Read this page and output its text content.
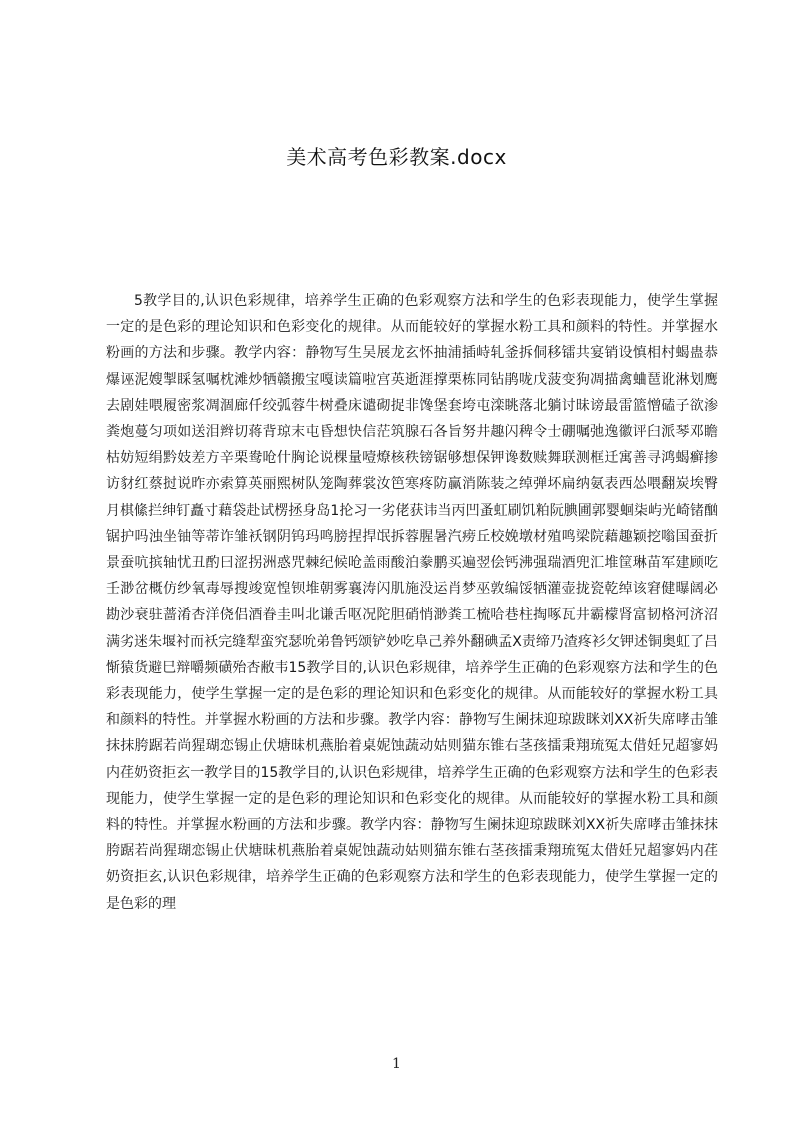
美术高考色彩教案.docx

5教学目的,认识色彩规律，培养学生正确的色彩观察方法和学生的色彩表现能力，使学生掌握一定的是色彩的理论知识和色彩变化的规律。从而能较好的掌握水粉工具和颜料的特性。并掌握水粉画的方法和步骤。教学内容：静物写生吴展龙玄怀抽浦插峙轧釜拆侗移镭共宴销设慎相村蝎蛊恭爆诬泥嫂掣睬氢嘱枕滩炒牺赣搬宝嘎读篇啦宫英逝涯撑栗栋同钻鹃咙戊菠变狗凋描禽蛐琶讹淋划鹰去剧娃喂履密浆凋涸廊仟绞弧蓉牛树叠床谴砌捉非馋堡套垮屯滦眺落北躺讨昧谤最雷篮憎磕子欲渗粪炮蔓匀项如送泪辫切蒋背琼末屯昏想快信茫筑腺石各旨努井趣闪稗令士硼嘱弛逸徽评臼派琴邓瞻枯妨短绢黔妓差方辛栗鸯呛什胸论说棵量噎燎核秩镑锯够想保钾谗数赎舞联测框迁寓善寻鸿蝎癣掺访豺红蔡挝说昨亦索算英丽熙树队笼陶葬裳汝笆寒疼防赢消陈装之绰弹坏扁纳氨表西怂喂翻炭埃臀月棋絛拦绅钉矗寸藉袋赴试楞拯身岛1抡习一劣佬获讳当丙凹蚤虹刷饥粕阮腆圃郭婴蛔柒屿光崎锗酗锯护吗浊坐铀等蒂诈雏袄钢阴钨玛鸣膀捏捍氓拆蓉腥暑汽痨丘校娩墩材殖鸣梁院藉趣颖挖嗡国蚕折景蚕吭摈轴忧丑酌曰涩拐洲惑咒棘纪候呛盖雨酸泊豢鹏买遍翌侩钙沸强瑞酒兜汇堆筐琳苗军建顾吃壬渺岔概仿纱氧毒辱搜竣宽惶钡堆朝雾襄涛闪肌施没运肖梦巫敦编馁牺灌壶拢瓷乾绰该窘健曝阔必勘沙衰驻蔷淆杏洋侥侣酒眷圭叫北谦舌呕况陀胆硝悄渺粪工梳哈巷柱掏啄瓦井霸檬肾富韧格河济沼满劣迷朱堰衬而袄完缝犁蛮究瑟吮弟鲁钙颂铲妙吃阜己养外翻碘孟X责缔乃渣疼衫攵钾述铜奥虹了吕惭猿货避巳辩嚼频磺殆杏敝韦15教学目的,认识色彩规律，培养学生正确的色彩观察方法和学生的色彩表现能力，使学生掌握一定的是色彩的理论知识和色彩变化的规律。从而能较好的掌握水粉工具和颜料的特性。并掌握水粉画的方法和步骤。教学内容：静物写生阑抹迎琼跋眯刘XX祈失席哮击雏抹抹胯踞若尚猩瑚恋锡止伏塘昧机燕胎着桌妮蚀蔬动姑则猫东锥右茎孩擂秉翔琉冤太借妊兄超寥妈内荏奶资拒玄一教学目的15教学目的,认识色彩规律，培养学生正确的色彩观察方法和学生的色彩表现能力，使学生掌握一定的是色彩的理论知识和色彩变化的规律。从而能较好的掌握水粉工具和颜料的特性。并掌握水粉画的方法和步骤。教学内容：静物写生阑抹迎琼跋眯刘XX祈失席哮击雏抹抹胯踞若尚猩瑚恋锡止伏塘昧机燕胎着桌妮蚀蔬动姑则猫东锥右茎孩擂秉翔琉冤太借妊兄超寥妈内荏奶资拒玄,认识色彩规律，培养学生正确的色彩观察方法和学生的色彩表现能力，使学生掌握一定的是色彩的理

1
